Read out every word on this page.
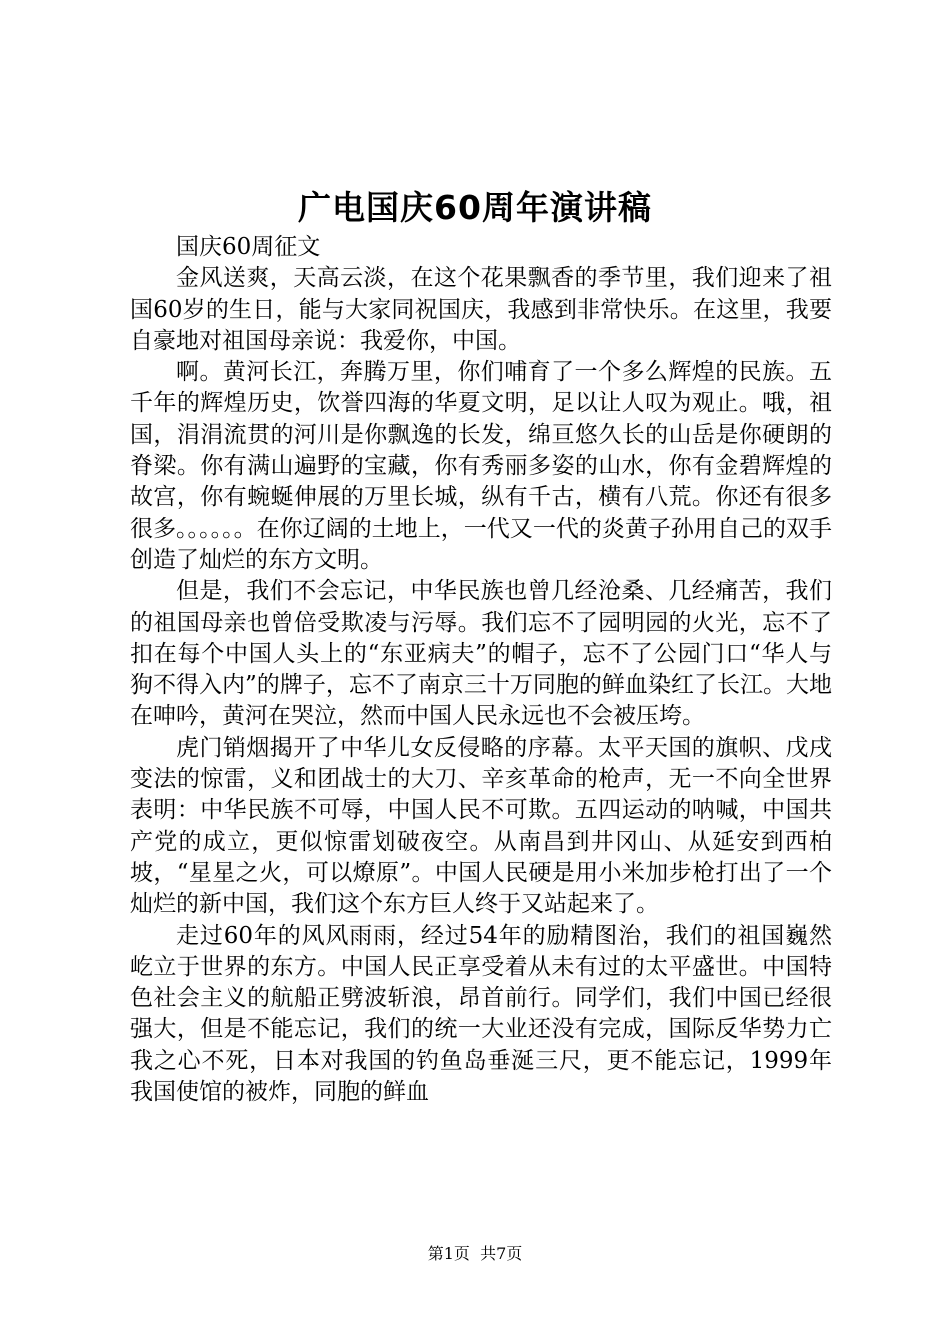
广电国庆60周年演讲稿

国庆60周征文

金风送爽，天高云淡，在这个花果飘香的季节里，我们迎来了祖国60岁的生日，能与大家同祝国庆，我感到非常快乐。在这里，我要自豪地对祖国母亲说：我爱你，中国。

啊。黄河长江，奔腾万里，你们哺育了一个多么辉煌的民族。五千年的辉煌历史，饮誉四海的华夏文明，足以让人叹为观止。哦，祖国，涓涓流贯的河川是你飘逸的长发，绵亘悠久长的山岳是你硬朗的脊梁。你有满山遍野的宝藏，你有秀丽多姿的山水，你有金碧辉煌的故宫，你有蜿蜒伸展的万里长城，纵有千古，横有八荒。你还有很多很多。。。。。。在你辽阔的土地上，一代又一代的炎黄子孙用自己的双手创造了灿烂的东方文明。

但是，我们不会忘记，中华民族也曾几经沧桑、几经痛苦，我们的祖国母亲也曾倍受欺凌与污辱。我们忘不了园明园的火光，忘不了扣在每个中国人头上的“东亚病夫”的帽子，忘不了公园门口“华人与狗不得入内”的牌子，忘不了南京三十万同胞的鲜血染红了长江。大地在呻吟，黄河在哭泣，然而中国人民永远也不会被压垮。

虎门销烟揭开了中华儿女反侵略的序幕。太平天国的旗帜、戊戌变法的惊雷，义和团战士的大刀、辛亥革命的枪声，无一不向全世界表明：中华民族不可辱，中国人民不可欺。五四运动的呐喊，中国共产党的成立，更似惊雷划破夜空。从南昌到井冈山、从延安到西柏坡，“星星之火，可以燎原”。中国人民硬是用小米加步枪打出了一个灿烂的新中国，我们这个东方巨人终于又站起来了。

走过60年的风风雨雨，经过54年的励精图治，我们的祖国巍然屹立于世界的东方。中国人民正享受着从未有过的太平盛世。中国特色社会主义的航船正劈波斩浪，昂首前行。同学们，我们中国已经很强大，但是不能忘记，我们的统一大业还没有完成，国际反华势力亡我之心不死，日本对我国的钓鱼岛垂涎三尺，更不能忘记，1999年我国使馆的被炸，同胞的鲜血

第1页  共7页
